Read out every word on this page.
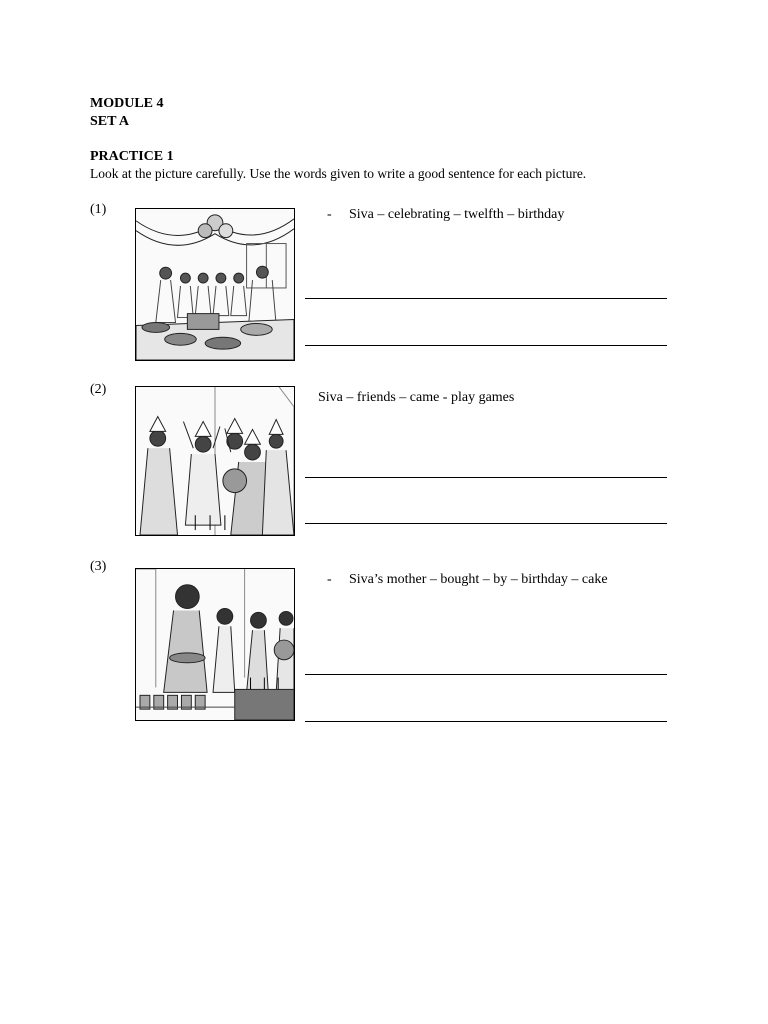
MODULE 4
SET A
PRACTICE 1
Look at the picture carefully. Use the words given to write a good sentence for each picture.
(1)	- Siva – celebrating – twelfth – birthday
(2)
Siva – friends – came - play games
(3)
- Siva’s mother – bought – by – birthday – cake
